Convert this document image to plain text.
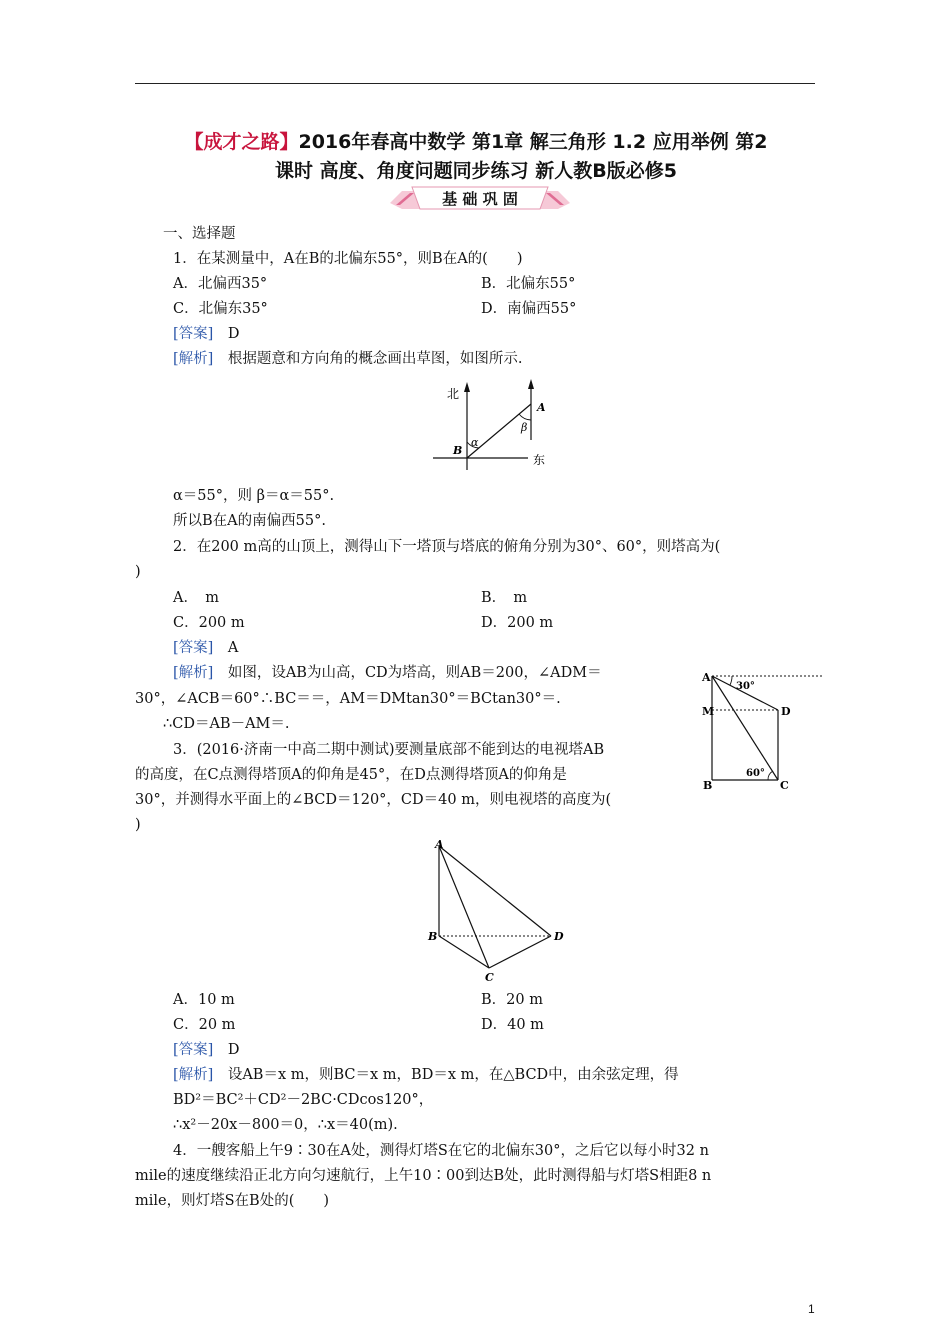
【成才之路】2016年春高中数学 第1章 解三角形 1.2 应用举例 第2
课时 高度、角度问题同步练习 新人教B版必修5
基 础 巩 固
一、选择题
1．在某测量中，A在B的北偏东55°，则B在A的(　　)
A．北偏西35°	B．北偏东55°
C．北偏东35°	D．南偏西55°
[答案]　 D
[解析]　 根据题意和方向角的概念画出草图，如图所示.
北
A
B
α
β
东
α＝55°，则 β＝α＝55°.
所以B在A的南偏西55°.
2．在200 m高的山顶上，测得山下一塔顶与塔底的俯角分别为30°、60°，则塔高为(
)
A．　m	B．　m
C．200 m	D．200 m
[答案]　 A
[解析]　 如图，设AB为山高，CD为塔高，则AB＝200，∠ADM＝
30°，∠ACB＝60°∴BC＝＝，AM＝DMtan30°＝BCtan30°＝.
∴CD＝AB－AM＝.
A
M	D
B	C
30°
60°
3．(2016·济南一中高二期中测试)要测量底部不能到达的电视塔AB
的高度，在C点测得塔顶A的仰角是45°，在D点测得塔顶A的仰角是
30°，并测得水平面上的∠BCD＝120°，CD＝40 m，则电视塔的高度为(
)
A
B
C
D
A．10 m	B．20 m
C．20 m	D．40 m
[答案]　 D
[解析]　 设AB＝x m，则BC＝x m，BD＝x m，在△BCD中，由余弦定理，得
BD²＝BC²＋CD²－2BC·CDcos120°，
∴x²－20x－800＝0，∴x＝40(m).
4．一艘客船上午9∶30在A处，测得灯塔S在它的北偏东30°，之后它以每小时32 n
mile的速度继续沿正北方向匀速航行，上午10∶00到达B处，此时测得船与灯塔S相距8 n
mile，则灯塔S在B处的(　　)
1
